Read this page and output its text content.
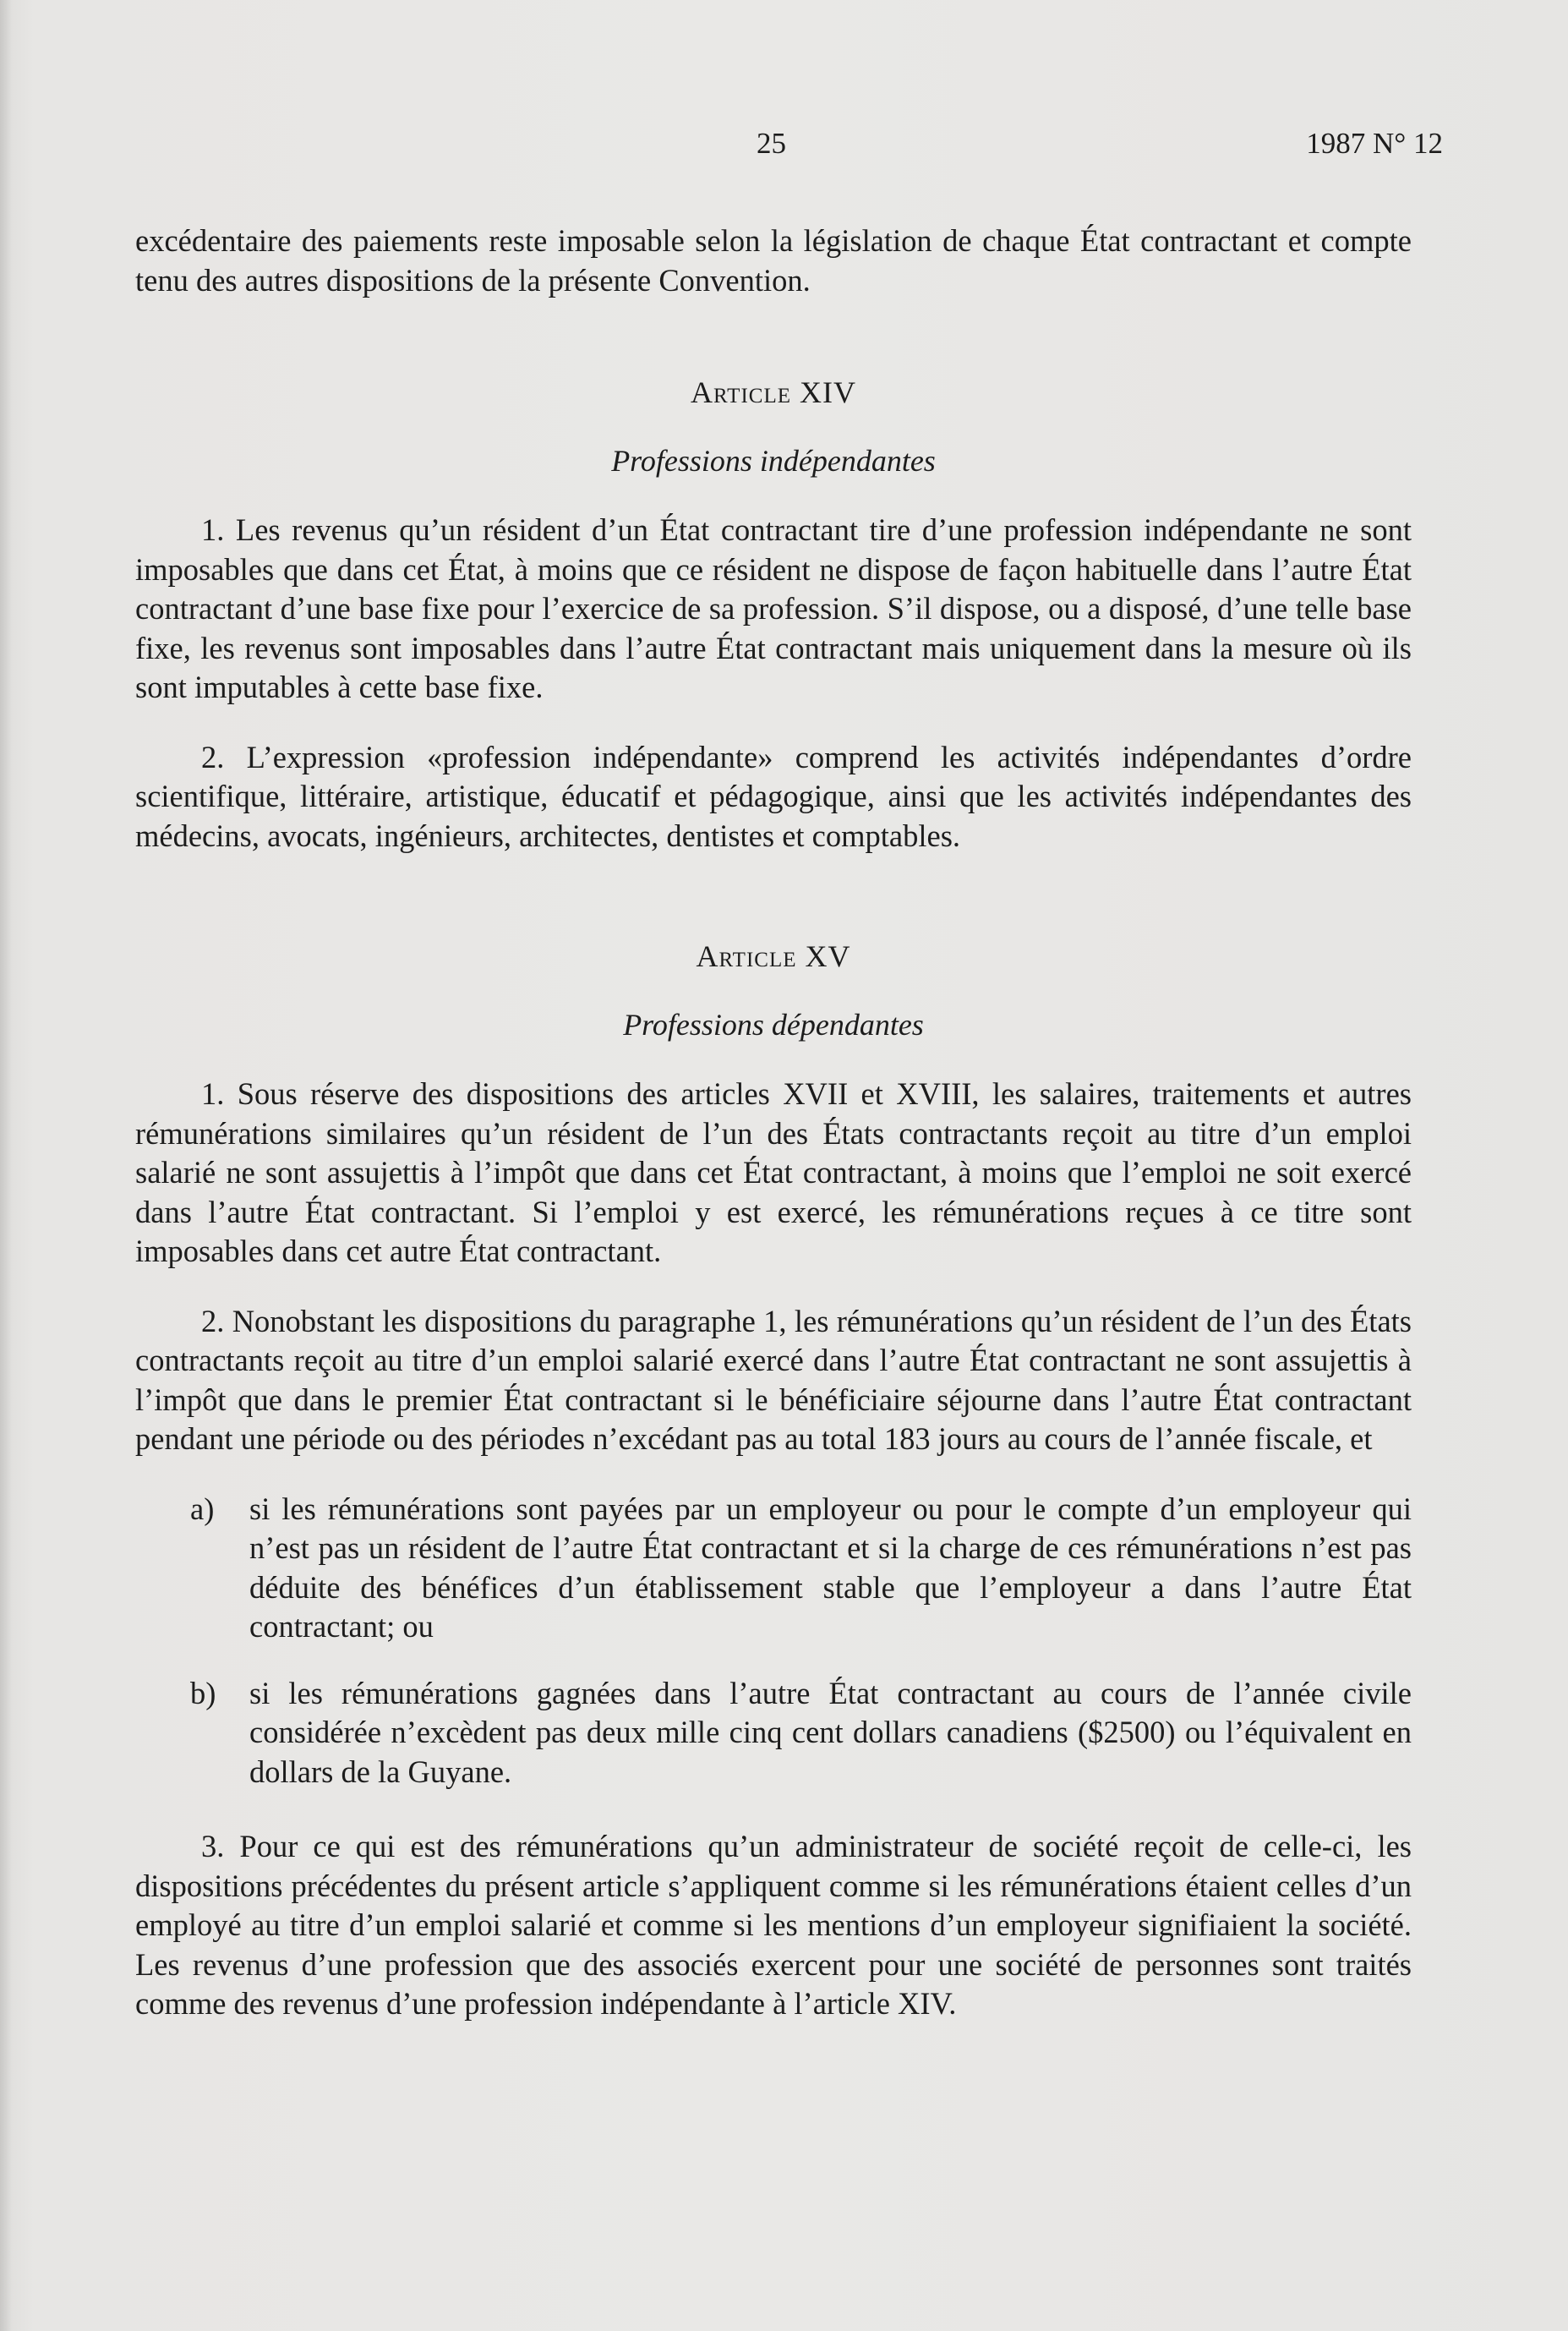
25	1987 N° 12

excédentaire des paiements reste imposable selon la législation de chaque État contractant et compte tenu des autres dispositions de la présente Convention.

Article XIV
Professions indépendantes

1. Les revenus qu’un résident d’un État contractant tire d’une profession indépendante ne sont imposables que dans cet État, à moins que ce résident ne dispose de façon habituelle dans l’autre État contractant d’une base fixe pour l’exercice de sa profession. S’il dispose, ou a disposé, d’une telle base fixe, les revenus sont imposables dans l’autre État contractant mais uniquement dans la mesure où ils sont imputables à cette base fixe.

2. L’expression «profession indépendante» comprend les activités indépendantes d’ordre scientifique, littéraire, artistique, éducatif et pédagogique, ainsi que les activités indépendantes des médecins, avocats, ingénieurs, architectes, dentistes et comptables.

Article XV
Professions dépendantes

1. Sous réserve des dispositions des articles XVII et XVIII, les salaires, traitements et autres rémunérations similaires qu’un résident de l’un des États contractants reçoit au titre d’un emploi salarié ne sont assujettis à l’impôt que dans cet État contractant, à moins que l’emploi ne soit exercé dans l’autre État contractant. Si l’emploi y est exercé, les rémunérations reçues à ce titre sont imposables dans cet autre État contractant.

2. Nonobstant les dispositions du paragraphe 1, les rémunérations qu’un résident de l’un des États contractants reçoit au titre d’un emploi salarié exercé dans l’autre État contractant ne sont assujettis à l’impôt que dans le premier État contractant si le bénéficiaire séjourne dans l’autre État contractant pendant une période ou des périodes n’excédant pas au total 183 jours au cours de l’année fiscale, et

a)	si les rémunérations sont payées par un employeur ou pour le compte d’un employeur qui n’est pas un résident de l’autre État contractant et si la charge de ces rémunérations n’est pas déduite des bénéfices d’un établissement stable que l’employeur a dans l’autre État contractant; ou
b)	si les rémunérations gagnées dans l’autre État contractant au cours de l’année civile considérée n’excèdent pas deux mille cinq cent dollars canadiens ($2500) ou l’équivalent en dollars de la Guyane.

3. Pour ce qui est des rémunérations qu’un administrateur de société reçoit de celle-ci, les dispositions précédentes du présent article s’appliquent comme si les rémunérations étaient celles d’un employé au titre d’un emploi salarié et comme si les mentions d’un employeur signifiaient la société. Les revenus d’une profession que des associés exercent pour une société de personnes sont traités comme des revenus d’une profession indépendante à l’article XIV.
